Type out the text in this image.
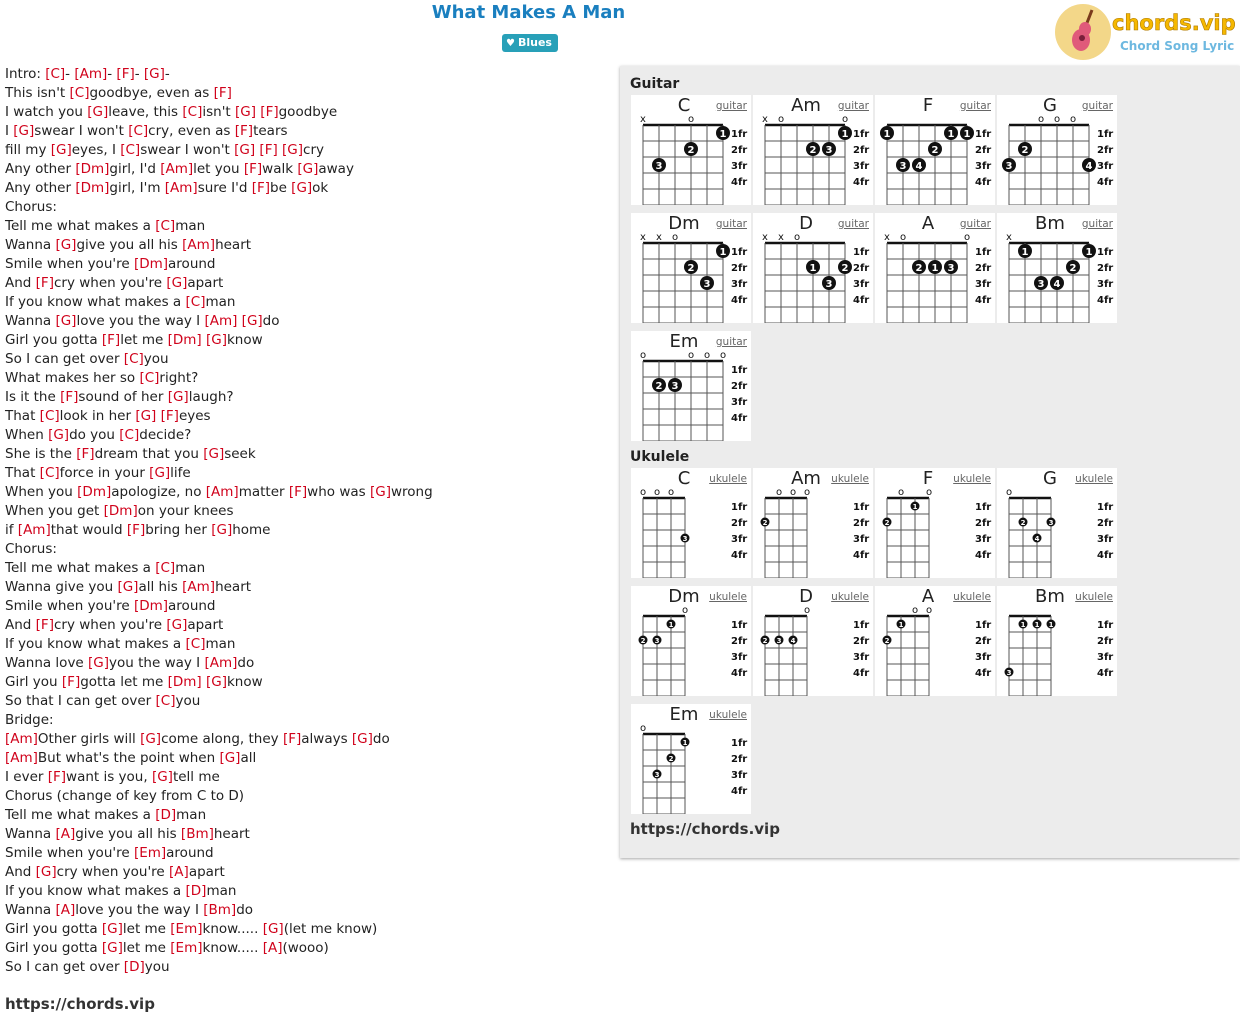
What Makes A Man
♥ Blues
chords.vip
Chord Song Lyric
Intro: [C]- [Am]- [F]- [G]-
This isn't [C]goodbye, even as [F]
I watch you [G]leave, this [C]isn't [G] [F]goodbye
I [G]swear I won't [C]cry, even as [F]tears
fill my [G]eyes, I [C]swear I won't [G] [F] [G]cry
Any other [Dm]girl, I'd [Am]let you [F]walk [G]away
Any other [Dm]girl, I'm [Am]sure I'd [F]be [G]ok
Chorus:
Tell me what makes a [C]man
Wanna [G]give you all his [Am]heart
Smile when you're [Dm]around
And [F]cry when you're [G]apart
If you know what makes a [C]man
Wanna [G]love you the way I [Am] [G]do
Girl you gotta [F]let me [Dm] [G]know
So I can get over [C]you
What makes her so [C]right?
Is it the [F]sound of her [G]laugh?
That [C]look in her [G] [F]eyes
When [G]do you [C]decide?
She is the [F]dream that you [G]seek
That [C]force in your [G]life
When you [Dm]apologize, no [Am]matter [F]who was [G]wrong
When you get [Dm]on your knees
if [Am]that would [F]bring her [G]home
Chorus:
Tell me what makes a [C]man
Wanna give you [G]all his [Am]heart
Smile when you're [Dm]around
And [F]cry when you're [G]apart
If you know what makes a [C]man
Wanna love [G]you the way I [Am]do
Girl you [F]gotta let me [Dm] [G]know
So that I can get over [C]you
Bridge:
[Am]Other girls will [G]come along, they [F]always [G]do
[Am]But what's the point when [G]all
I ever [F]want is you, [G]tell me
Chorus (change of key from C to D)
Tell me what makes a [D]man
Wanna [A]give you all his [Bm]heart
Smile when you're [Em]around
And [G]cry when you're [A]apart
If you know what makes a [D]man
Wanna [A]love you the way I [Bm]do
Girl you gotta [G]let me [Em]know..... [G](let me know)
Girl you gotta [G]let me [Em]know..... [A](wooo)
So I can get over [D]you
https://chords.vip
Guitar
C	guitar
1fr
2fr
3fr
4fr
x	o
1
2
3
Am	guitar
1fr
2fr
3fr
4fr
x o	o
1
2 3
F	guitar
1fr
2fr
3fr
4fr
1	1 1
2
3 4
G	guitar
1fr
2fr
3fr
4fr
o o o
2
3	4
Dm	guitar
1fr
2fr
3fr
4fr
x x o
1
2
3
D	guitar
1fr
2fr
3fr
4fr
x x o
1	2
3
A	guitar
1fr
2fr
3fr
4fr
x o	o
2 1 3
Bm	guitar
1fr
2fr
3fr
4fr
x
1	1
2
3 4
Em	guitar
1fr
2fr
3fr
4fr
o	o o o
2 3
Ukulele
C	ukulele
1fr
2fr
3fr
4fr
o o o
3
Am ukulele
1fr
2fr
3fr
4fr
o o o
2
F	ukulele
1fr
2fr
3fr
4fr
o o
1
2
G	ukulele
1fr
2fr
3fr
4fr
o
2	3
4
Dm ukulele
1fr
2fr
3fr
4fr
o
1
2 3
D	ukulele
1fr
2fr
3fr
4fr
o
2 3 4
A	ukulele
1fr
2fr
3fr
4fr
o o
1
2
Bm ukulele
1fr
2fr
3fr
4fr
1 1 1
3
Em	ukulele
1fr
2fr
3fr
4fr
o
1
2
3
https://chords.vip
